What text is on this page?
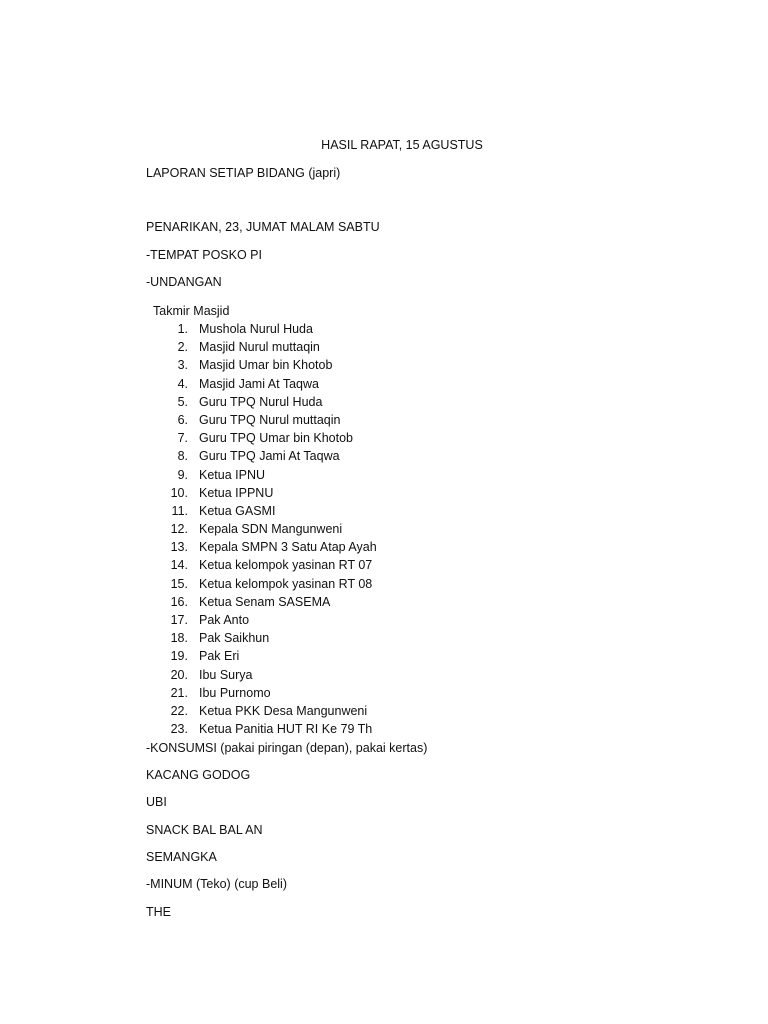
HASIL RAPAT, 15 AGUSTUS
LAPORAN SETIAP BIDANG (japri)
PENARIKAN, 23, JUMAT MALAM SABTU
-TEMPAT POSKO PI
-UNDANGAN
Takmir Masjid
1. Mushola Nurul Huda
2. Masjid Nurul muttaqin
3. Masjid Umar bin Khotob
4. Masjid Jami At Taqwa
5. Guru TPQ Nurul Huda
6. Guru TPQ Nurul muttaqin
7. Guru TPQ Umar bin Khotob
8. Guru TPQ Jami At Taqwa
9. Ketua IPNU
10. Ketua IPPNU
11. Ketua GASMI
12. Kepala SDN Mangunweni
13. Kepala SMPN 3 Satu Atap Ayah
14. Ketua kelompok yasinan RT 07
15. Ketua kelompok yasinan RT 08
16. Ketua Senam SASEMA
17. Pak Anto
18. Pak Saikhun
19. Pak Eri
20. Ibu Surya
21. Ibu Purnomo
22. Ketua PKK Desa Mangunweni
23. Ketua Panitia HUT RI Ke 79 Th
-KONSUMSI (pakai piringan (depan), pakai kertas)
KACANG GODOG
UBI
SNACK BAL BAL AN
SEMANGKA
-MINUM (Teko) (cup Beli)
THE
